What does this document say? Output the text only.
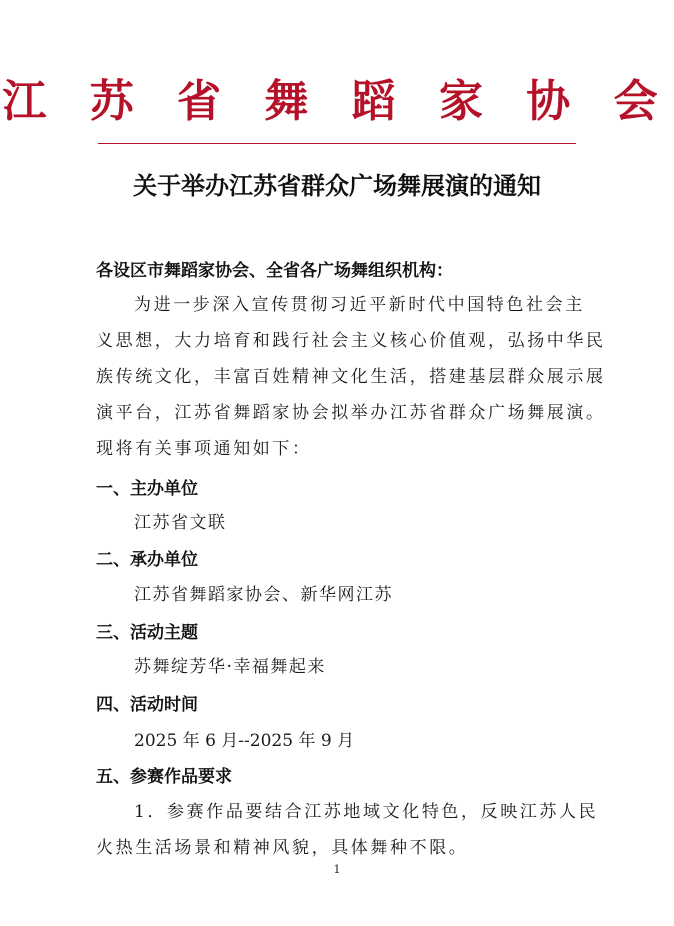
江 苏 省 舞 蹈 家 协 会
关于举办江苏省群众广场舞展演的通知
各设区市舞蹈家协会、全省各广场舞组织机构：
为进一步深入宣传贯彻习近平新时代中国特色社会主
义思想，大力培育和践行社会主义核心价值观，弘扬中华民
族传统文化，丰富百姓精神文化生活，搭建基层群众展示展
演平台，江苏省舞蹈家协会拟举办江苏省群众广场舞展演。
现将有关事项通知如下：
一、主办单位
江苏省文联
二、承办单位
江苏省舞蹈家协会、新华网江苏
三、活动主题
苏舞绽芳华·幸福舞起来
四、活动时间
2025 年 6 月--2025 年 9 月
五、参赛作品要求
1．参赛作品要结合江苏地域文化特色，反映江苏人民
火热生活场景和精神风貌，具体舞种不限。
1
